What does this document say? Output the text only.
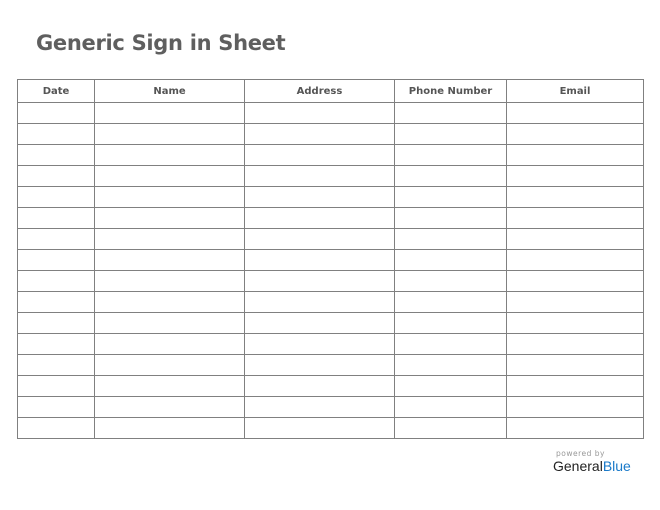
Generic Sign in Sheet
Date	Name	Address	Phone Number	Email

powered by
GeneralBlue
